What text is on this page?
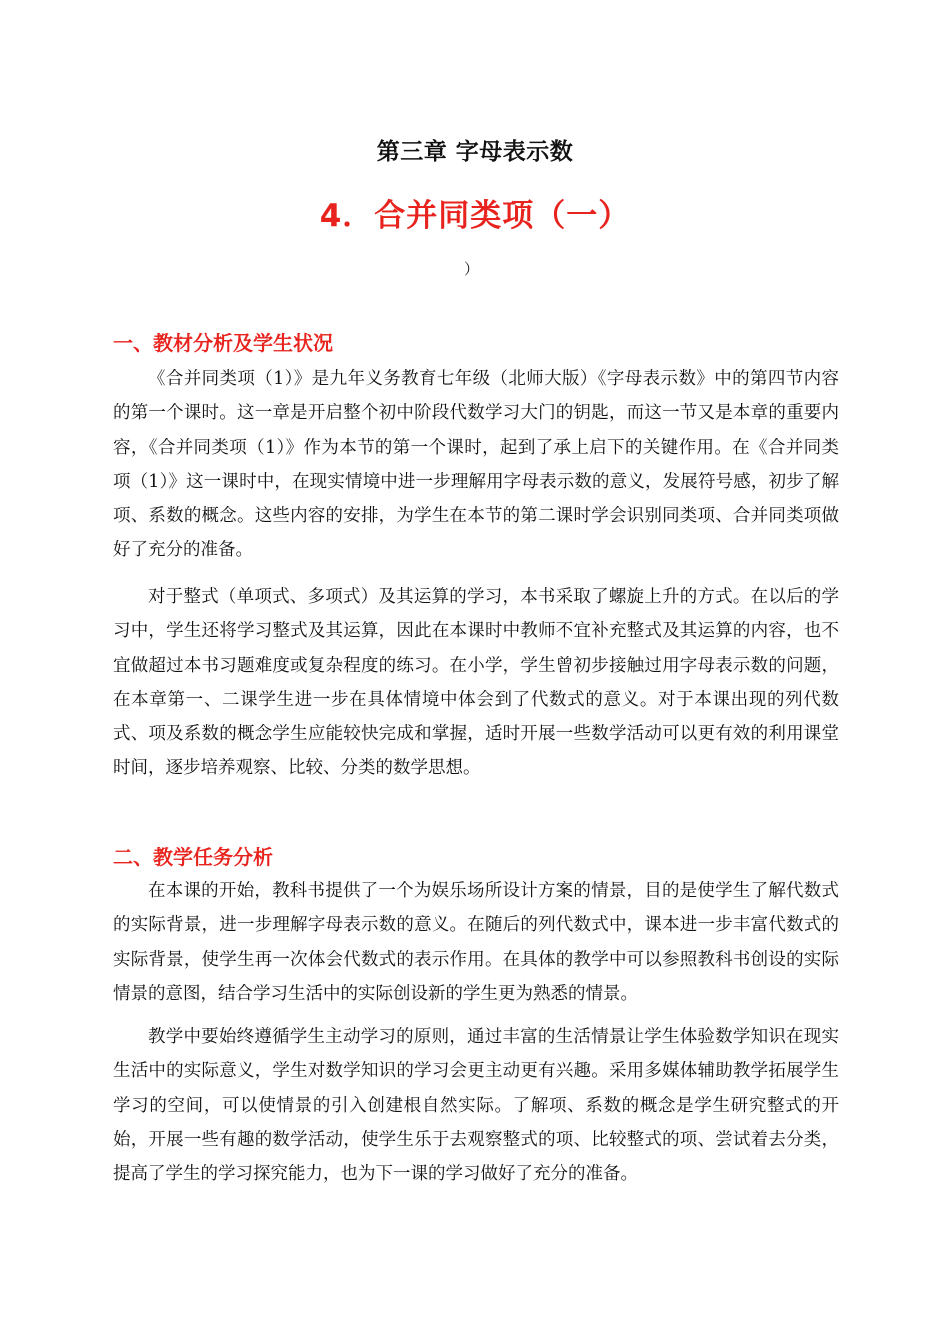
第三章 字母表示数
4．合并同类项（一）
）
一、教材分析及学生状况

《合并同类项（1）》是九年义务教育七年级（北师大版）《字母表示数》中的第四节内容的第一个课时。这一章是开启整个初中阶段代数学习大门的钥匙，而这一节又是本章的重要内容，《合并同类项（1）》作为本节的第一个课时，起到了承上启下的关键作用。在《合并同类项（1）》这一课时中，在现实情境中进一步理解用字母表示数的意义，发展符号感，初步了解项、系数的概念。这些内容的安排，为学生在本节的第二课时学会识别同类项、合并同类项做好了充分的准备。

对于整式（单项式、多项式）及其运算的学习，本书采取了螺旋上升的方式。在以后的学习中，学生还将学习整式及其运算，因此在本课时中教师不宜补充整式及其运算的内容，也不宜做超过本书习题难度或复杂程度的练习。在小学，学生曾初步接触过用字母表示数的问题，在本章第一、二课学生进一步在具体情境中体会到了代数式的意义。对于本课出现的列代数式、项及系数的概念学生应能较快完成和掌握，适时开展一些数学活动可以更有效的利用课堂时间，逐步培养观察、比较、分类的数学思想。

二、教学任务分析

在本课的开始，教科书提供了一个为娱乐场所设计方案的情景，目的是使学生了解代数式的实际背景，进一步理解字母表示数的意义。在随后的列代数式中，课本进一步丰富代数式的实际背景，使学生再一次体会代数式的表示作用。在具体的教学中可以参照教科书创设的实际情景的意图，结合学习生活中的实际创设新的学生更为熟悉的情景。

教学中要始终遵循学生主动学习的原则，通过丰富的生活情景让学生体验数学知识在现实生活中的实际意义，学生对数学知识的学习会更主动更有兴趣。采用多媒体辅助教学拓展学生学习的空间，可以使情景的引入创建根自然实际。了解项、系数的概念是学生研究整式的开始，开展一些有趣的数学活动，使学生乐于去观察整式的项、比较整式的项、尝试着去分类，提高了学生的学习探究能力，也为下一课的学习做好了充分的准备。
